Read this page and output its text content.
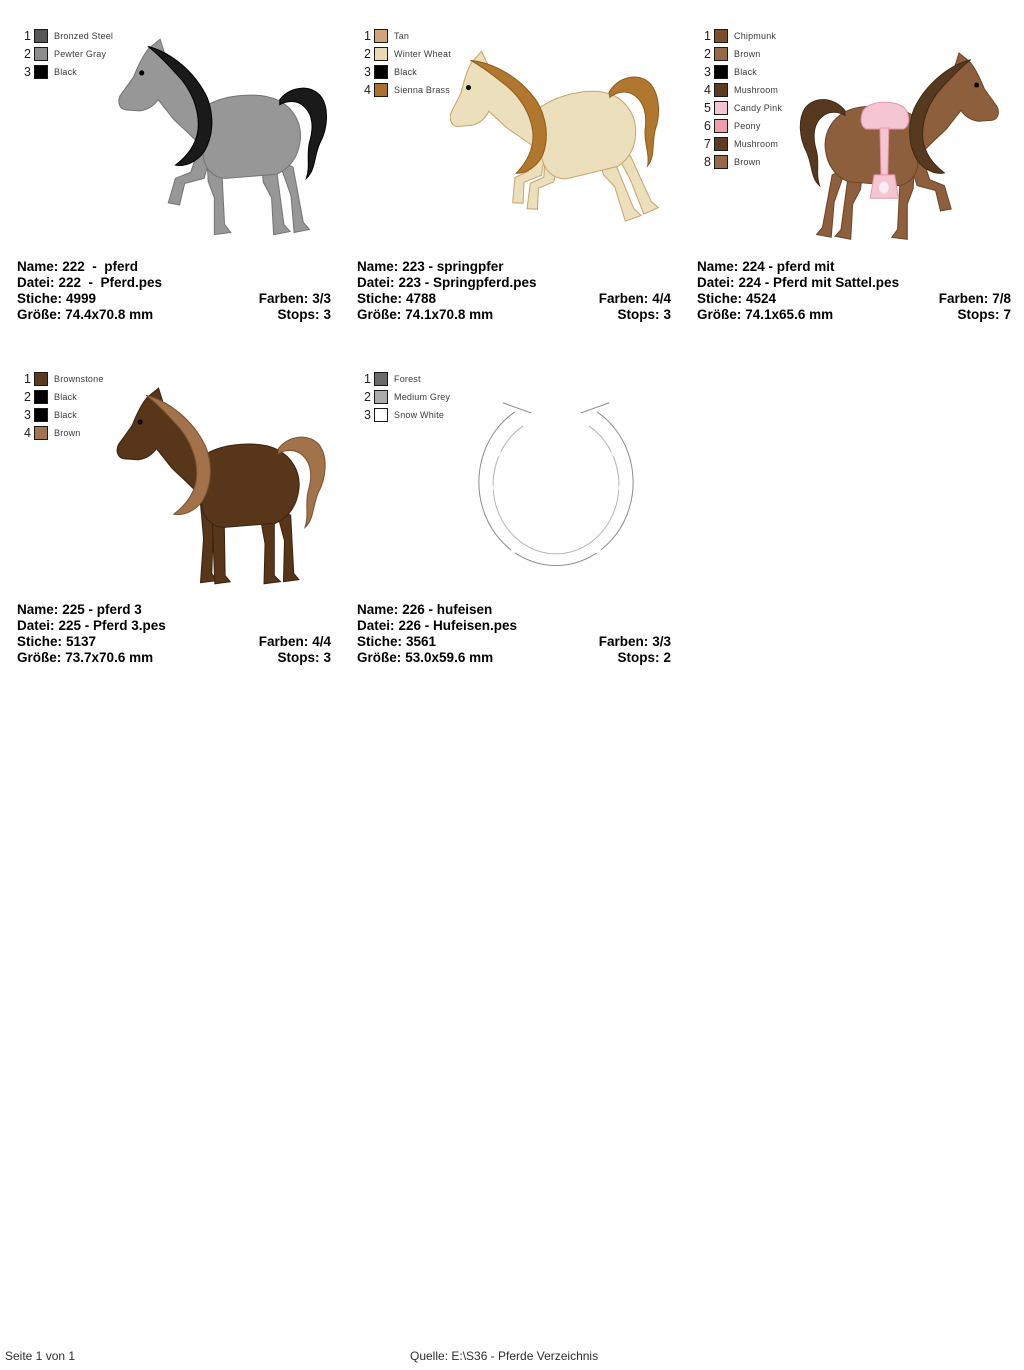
1	Bronzed Steel
2	Pewter Gray
3	Black
Name: 222  -  pferd
Datei: 222  -  Pferd.pes
Stiche: 4999	Farben: 3/3
Größe: 74.4x70.8 mm	Stops: 3
1	Tan
2	Winter Wheat
3	Black
4	Sienna Brass
Name: 223 - springpfer
Datei: 223 - Springpferd.pes
Stiche: 4788	Farben: 4/4
Größe: 74.1x70.8 mm	Stops: 3
1	Chipmunk
2	Brown
3	Black
4	Mushroom
5	Candy Pink
6	Peony
7	Mushroom
8	Brown
Name: 224 - pferd mit
Datei: 224 - Pferd mit Sattel.pes
Stiche: 4524	Farben: 7/8
Größe: 74.1x65.6 mm	Stops: 7
1	Brownstone
2	Black
3	Black
4	Brown
Name: 225 - pferd 3
Datei: 225 - Pferd 3.pes
Stiche: 5137	Farben: 4/4
Größe: 73.7x70.6 mm	Stops: 3
1	Forest
2	Medium Grey
3	Snow White
Name: 226 - hufeisen
Datei: 226 - Hufeisen.pes
Stiche: 3561	Farben: 3/3
Größe: 53.0x59.6 mm	Stops: 2
Seite 1 von 1	Quelle: E:\S36 - Pferde Verzeichnis
